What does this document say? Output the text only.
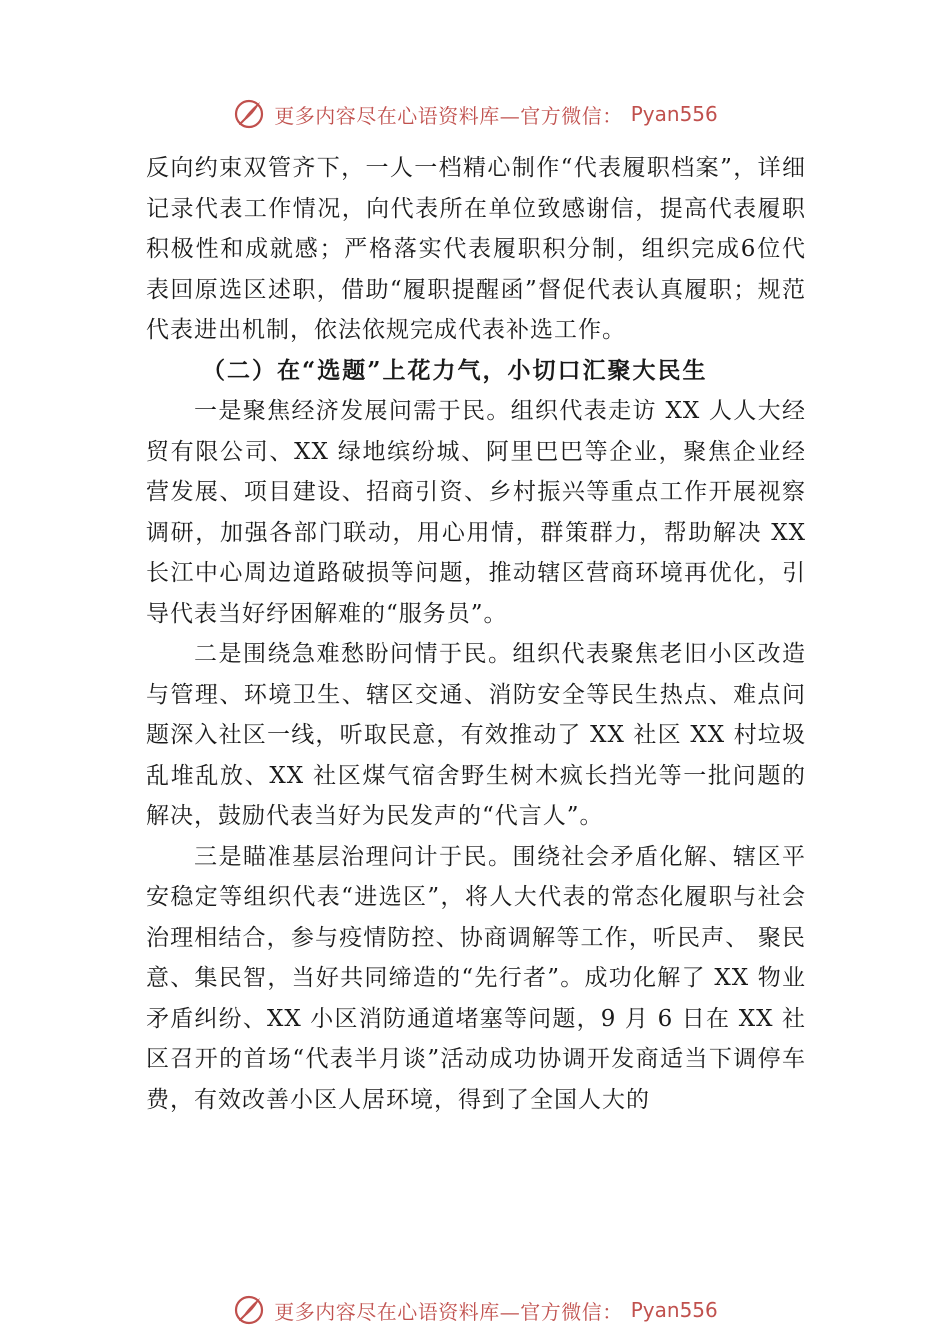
更多内容尽在心语资料库—官方微信： Pyan556

反向约束双管齐下，一人一档精心制作“代表履职档案”，详细记录代表工作情况，向代表所在单位致感谢信，提高代表履职积极性和成就感；严格落实代表履职积分制，组织完成6位代表回原选区述职，借助“履职提醒函”督促代表认真履职；规范代表进出机制，依法依规完成代表补选工作。

（二）在“选题”上花力气，小切口汇聚大民生

一是聚焦经济发展问需于民。组织代表走访 XX 人人大经贸有限公司、XX 绿地缤纷城、阿里巴巴等企业，聚焦企业经营发展、项目建设、招商引资、乡村振兴等重点工作开展视察调研，加强各部门联动，用心用情，群策群力，帮助解决 XX 长江中心周边道路破损等问题，推动辖区营商环境再优化，引导代表当好纾困解难的“服务员”。

二是围绕急难愁盼问情于民。组织代表聚焦老旧小区改造与管理、环境卫生、辖区交通、消防安全等民生热点、难点问题深入社区一线，听取民意，有效推动了 XX 社区 XX 村垃圾乱堆乱放、XX 社区煤气宿舍野生树木疯长挡光等一批问题的解决，鼓励代表当好为民发声的“代言人”。

三是瞄准基层治理问计于民。围绕社会矛盾化解、辖区平安稳定等组织代表“进选区”，将人大代表的常态化履职与社会治理相结合，参与疫情防控、协商调解等工作，听民声、 聚民意、集民智，当好共同缔造的“先行者”。成功化解了 XX 物业矛盾纠纷、XX 小区消防通道堵塞等问题，9 月 6 日在 XX 社区召开的首场“代表半月谈”活动成功协调开发商适当下调停车费，有效改善小区人居环境，得到了全国人大的

更多内容尽在心语资料库—官方微信： Pyan556
